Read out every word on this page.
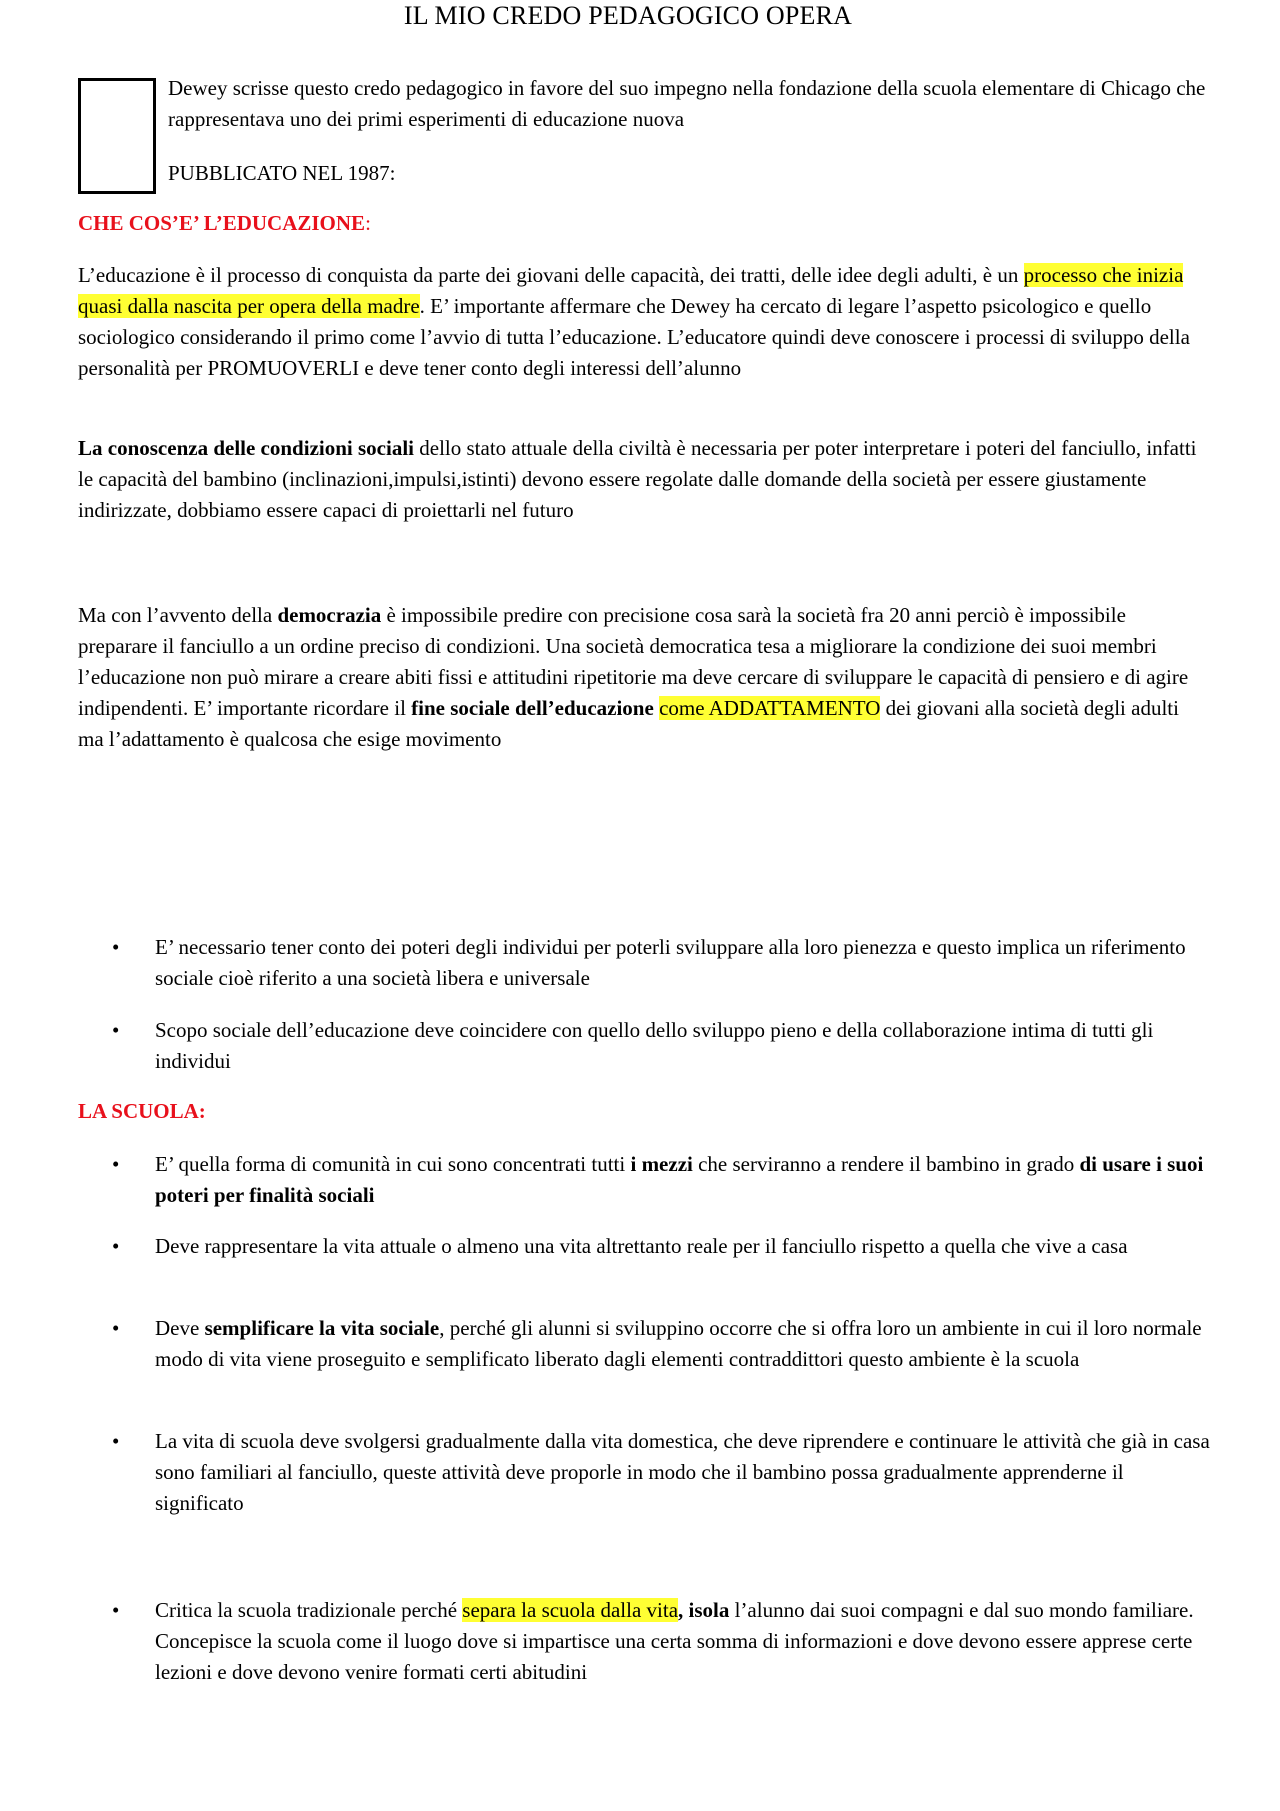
IL MIO CREDO PEDAGOGICO OPERA
Dewey scrisse questo credo pedagogico in favore del suo impegno nella fondazione della scuola elementare di Chicago che rappresentava uno dei primi esperimenti di educazione nuova
PUBBLICATO NEL 1987:
CHE COS’E’ L’EDUCAZIONE:

L’educazione è il processo di conquista da parte dei giovani delle capacità, dei tratti, delle idee degli adulti, è un processo che inizia quasi dalla nascita per opera della madre. E’ importante affermare che Dewey ha cercato di legare l’aspetto psicologico e quello sociologico considerando il primo come l’avvio di tutta l’educazione. L’educatore quindi deve conoscere i processi di sviluppo della personalità per PROMUOVERLI e deve tener conto degli interessi dell’alunno

La conoscenza delle condizioni sociali dello stato attuale della civiltà è necessaria per poter interpretare i poteri del fanciullo, infatti le capacità del bambino (inclinazioni,impulsi,istinti) devono essere regolate dalle domande della società per essere giustamente indirizzate, dobbiamo essere capaci di proiettarli nel futuro

Ma con l’avvento della democrazia è impossibile predire con precisione cosa sarà la società fra 20 anni perciò è impossibile preparare il fanciullo a un ordine preciso di condizioni. Una società democratica tesa a migliorare la condizione dei suoi membri l’educazione non può mirare a creare abiti fissi e attitudini ripetitorie ma deve cercare di sviluppare le capacità di pensiero e di agire indipendenti. E’ importante ricordare il fine sociale dell’educazione come ADDATTAMENTO dei giovani alla società degli adulti ma l’adattamento è qualcosa che esige movimento

• E’ necessario tener conto dei poteri degli individui per poterli sviluppare alla loro pienezza e questo implica un riferimento sociale cioè riferito a una società libera e universale
• Scopo sociale dell’educazione deve coincidere con quello dello sviluppo pieno e della collaborazione intima di tutti gli individui
LA SCUOLA:
• E’ quella forma di comunità in cui sono concentrati tutti i mezzi che serviranno a rendere il bambino in grado di usare i suoi poteri per finalità sociali
• Deve rappresentare la vita attuale o almeno una vita altrettanto reale per il fanciullo rispetto a quella che vive a casa
• Deve semplificare la vita sociale, perché gli alunni si sviluppino occorre che si offra loro un ambiente in cui il loro normale modo di vita viene proseguito e semplificato liberato dagli elementi contraddittori questo ambiente è la scuola
• La vita di scuola deve svolgersi gradualmente dalla vita domestica, che deve riprendere e continuare le attività che già in casa sono familiari al fanciullo, queste attività deve proporle in modo che il bambino possa gradualmente apprenderne il significato
• Critica la scuola tradizionale perché separa la scuola dalla vita, isola l’alunno dai suoi compagni e dal suo mondo familiare. Concepisce la scuola come il luogo dove si impartisce una certa somma di informazioni e dove devono essere apprese certe lezioni e dove devono venire formati certi abitudini
